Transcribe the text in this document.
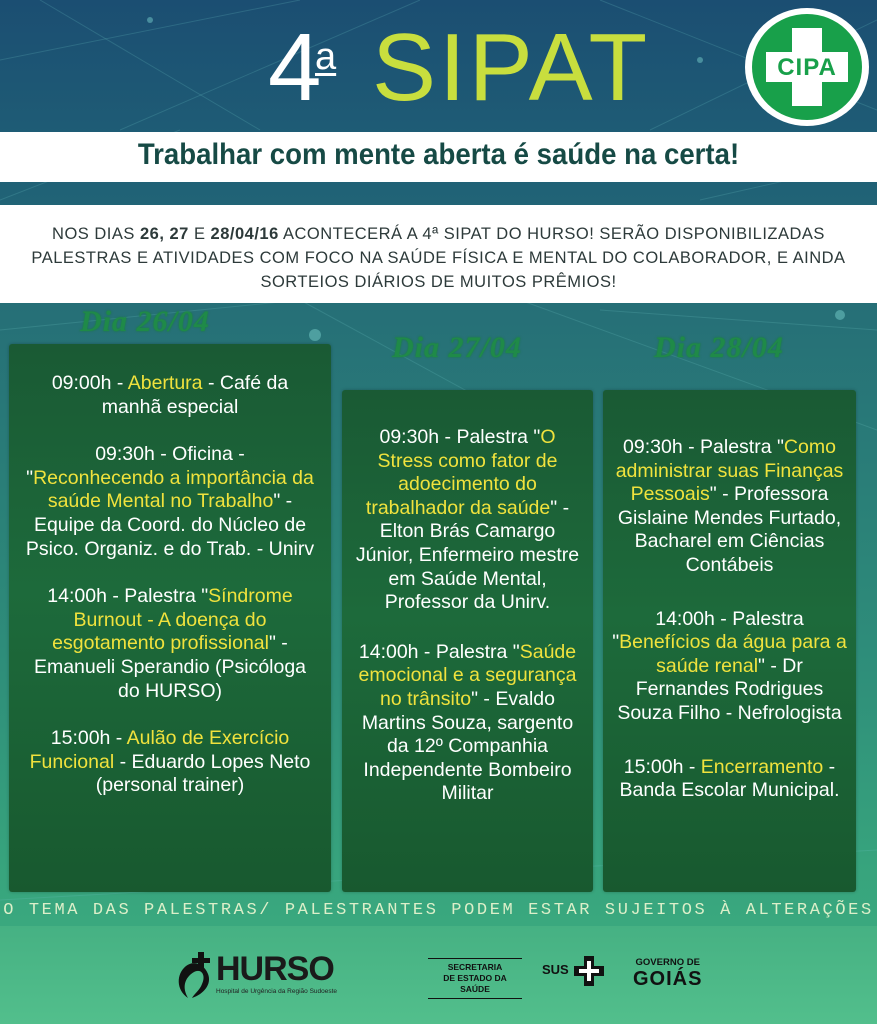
4
a SIPAT	CIPA
Trabalhar com mente aberta é saúde na certa!
NOS DIAS 26, 27 E 28/04/16 ACONTECERÁ A 4ª SIPAT DO HURSO! SERÃO DISPONIBILIZADAS PALESTRAS E ATIVIDADES COM FOCO NA SAÚDE FÍSICA E MENTAL DO COLABORADOR, E AINDA SORTEIOS DIÁRIOS DE MUITOS PRÊMIOS!
Dia 26/04
Dia 27/04	Dia 28/04
09:00h - Abertura - Café da manhã especial
09:30h - Oficina - "Reconhecendo a importância da saúde Mental no Trabalho" - Equipe da Coord. do Núcleo de Psico. Organiz. e do Trab. - Unirv
14:00h - Palestra "Síndrome Burnout - A doença do esgotamento profissional" - Emanueli Sperandio (Psicóloga do HURSO)
15:00h - Aulão de Exercício Funcional - Eduardo Lopes Neto (personal trainer)
09:30h - Palestra "O Stress como fator de adoecimento do trabalhador da saúde" - Elton Brás Camargo Júnior, Enfermeiro mestre em Saúde Mental, Professor da Unirv.
14:00h - Palestra "Saúde emocional e a segurança no trânsito" - Evaldo Martins Souza, sargento da 12º Companhia Independente Bombeiro Militar
09:30h - Palestra "Como administrar suas Finanças Pessoais" - Professora Gislaine Mendes Furtado, Bacharel em Ciências Contábeis
14:00h - Palestra "Benefícios da água para a saúde renal" - Dr Fernandes Rodrigues Souza Filho - Nefrologista
15:00h - Encerramento - Banda Escolar Municipal.
O TEMA DAS PALESTRAS/ PALESTRANTES PODEM ESTAR SUJEITOS À ALTERAÇÕES
HURSO
Hospital de Urgência da Região Sudoeste
SECRETARIA
DE ESTADO DA SAÚDE
SUS	GOVERNO DE
GOIÁS
